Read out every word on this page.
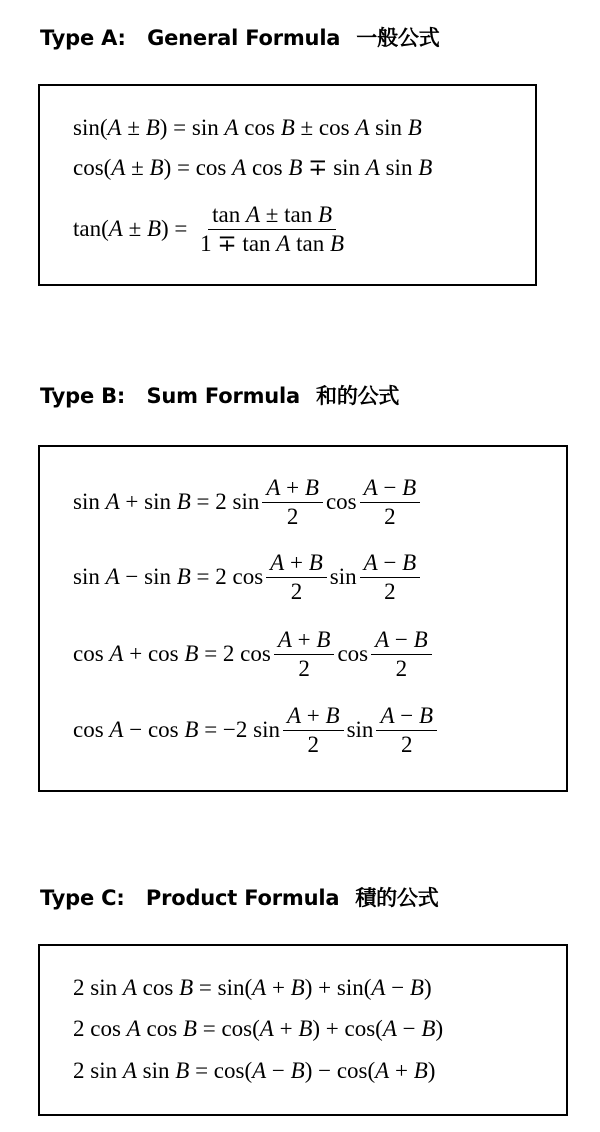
Type A: General Formula 一般公式
sin(A ± B) = sin A cos B ± cos A sin B
cos(A ± B) = cos A cos B ∓ sin A sin B
$\tan(A \pm B) = \frac{\text{tan A ± tan B}}{\text{1 ∓ tan A tan B}}$
Type B: Sum Formula 和的公式
sin A + sin B = 2 $\sin \frac{A + B}{2}$ $\cos \frac{A - B}{2}$
sin A − sin B = 2 $\cos \frac{A + B}{2}$ $\sin \frac{A - B}{2}$
cos A + cos B = 2 $\cos \frac{A + B}{2}$ $\cos \frac{A - B}{2}$
cos A − cos B = −2 $\sin \frac{A + B}{2}$ $\sin \frac{A - B}{2}$
Type C: Product Formula 積的公式
2 sin A cos B = sin(A + B) + sin(A − B)
2 cos A cos B = cos(A + B) + cos(A − B)
2 sin A sin B = cos(A − B) − cos(A + B)
